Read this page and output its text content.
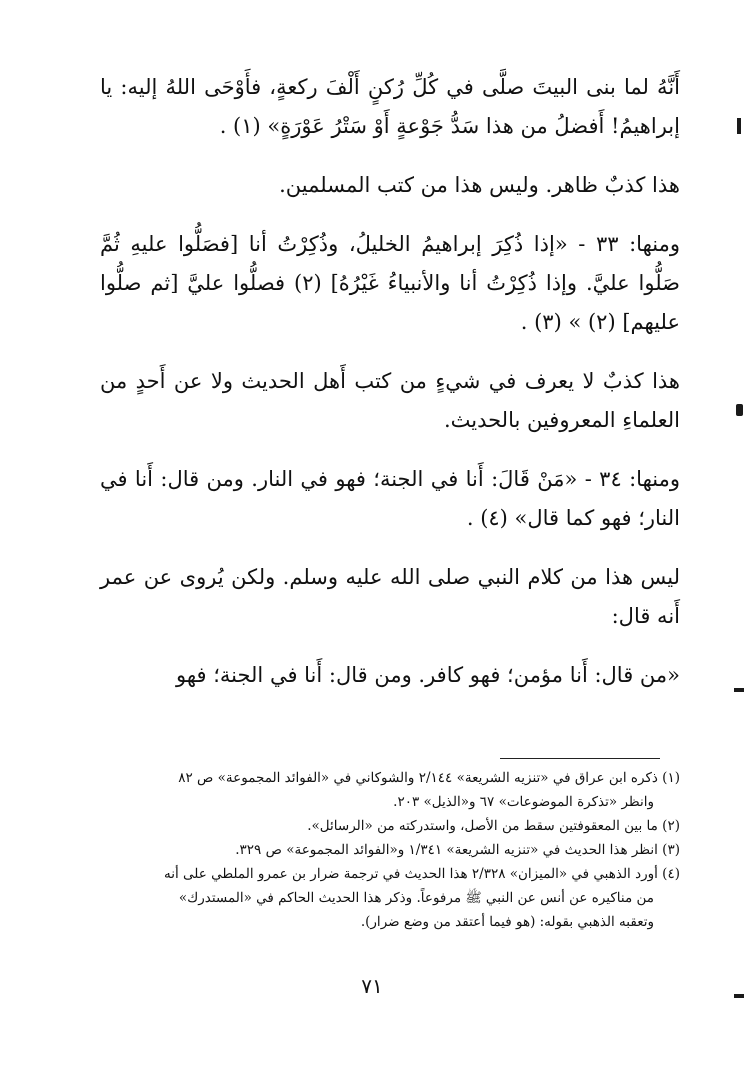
أَنَّهُ لما بنى البيتَ صلَّى في كُلِّ رُكنٍ أَلْفَ ركعةٍ، فأَوْحَى اللهُ إليه: يا إبراهيمُ! أَفضلُ من هذا سَدُّ جَوْعةٍ أَوْ سَتْرُ عَوْرَةٍ» (١) .

هذا كذبٌ ظاهر. وليس هذا من كتب المسلمين.

ومنها: ٣٣ - «إذا ذُكِرَ إبراهيمُ الخليلُ، وذُكِرْتُ أنا [فصَلُّوا عليهِ ثُمَّ صَلُّوا عليَّ. وإذا ذُكِرْتُ أنا والأنبياءُ غَيْرُهُ] (٢) فصلُّوا عليَّ [ثم صلُّوا عليهم] (٢) » (٣) .

هذا كذبٌ لا يعرف في شيءٍ من كتب أَهل الحديث ولا عن أَحدٍ من العلماءِ المعروفين بالحديث.

ومنها: ٣٤ - «مَنْ قَالَ: أَنا في الجنة؛ فهو في النار. ومن قال: أَنا في النار؛ فهو كما قال» (٤) .

ليس هذا من كلام النبي صلى الله عليه وسلم. ولكن يُروى عن عمر أَنه قال:

«من قال: أَنا مؤمن؛ فهو كافر. ومن قال: أَنا في الجنة؛ فهو

(١) ذكره ابن عراق في «تنزيه الشريعة» ٢/١٤٤ والشوكاني في «الفوائد المجموعة» ص ٨٢

وانظر «تذكرة الموضوعات» ٦٧ و«الذيل» ٢٠٣.

(٢) ما بين المعقوفتين سقط من الأصل، واستدركته من «الرسائل».

(٣) انظر هذا الحديث في «تنزيه الشريعة» ١/٣٤١ و«الفوائد المجموعة» ص ٣٢٩.

(٤) أورد الذهبي في «الميزان» ٢/٣٢٨ هذا الحديث في ترجمة ضرار بن عمرو الملطي على أنه

من مناكيره عن أنس عن النبي ﷺ مرفوعاً. وذكر هذا الحديث الحاكم في «المستدرك»

وتعقبه الذهبي بقوله: (هو فيما أعتقد من وضع ضرار).

٧١
